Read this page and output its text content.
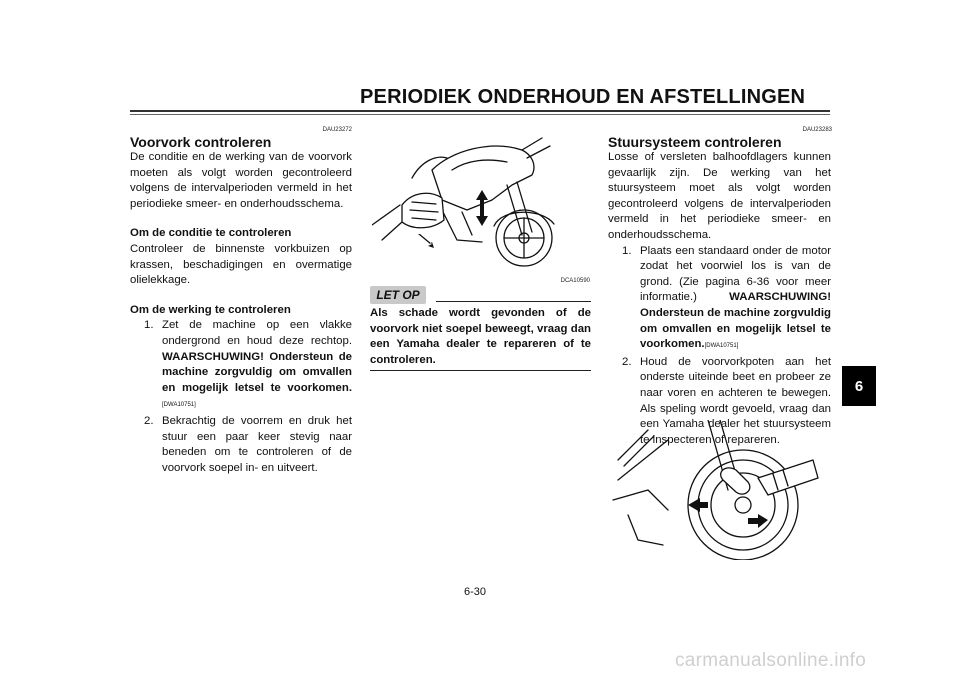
PERIODIEK ONDERHOUD EN AFSTELLINGEN
6
DAU23272
Voorvork controleren
De conditie en de werking van de voorvork moeten als volgt worden gecontroleerd volgens de intervalperioden vermeld in het periodieke smeer- en onderhoudsschema.
Om de conditie te controleren
Controleer de binnenste vorkbuizen op krassen, beschadigingen en overmatige olielekkage.
Om de werking te controleren
1. Zet de machine op een vlakke ondergrond en houd deze rechtop. WAARSCHUWING! Ondersteun de machine zorgvuldig om omvallen en mogelijk letsel te voorkomen.[DWA10751]
2. Bekrachtig de voorrem en druk het stuur een paar keer stevig naar beneden om te controleren of de voorvork soepel in- en uitveert.
DCA10590
LET OP
Als schade wordt gevonden of de voorvork niet soepel beweegt, vraag dan een Yamaha dealer te repareren of te controleren.
DAU23283
Stuursysteem controleren
Losse of versleten balhoofdlagers kunnen gevaarlijk zijn. De werking van het stuursysteem moet als volgt worden gecontroleerd volgens de intervalperioden vermeld in het periodieke smeer- en onderhoudsschema.
1. Plaats een standaard onder de motor zodat het voorwiel los is van de grond. (Zie pagina 6-36 voor meer informatie.) WAARSCHUWING! Ondersteun de machine zorgvuldig om omvallen en mogelijk letsel te voorkomen.[DWA10751]
2. Houd de voorvorkpoten aan het onderste uiteinde beet en probeer ze naar voren en achteren te bewegen. Als speling wordt gevoeld, vraag dan een Yamaha dealer het stuursysteem te inspecteren of repareren.
6-30
carmanualsonline.info
